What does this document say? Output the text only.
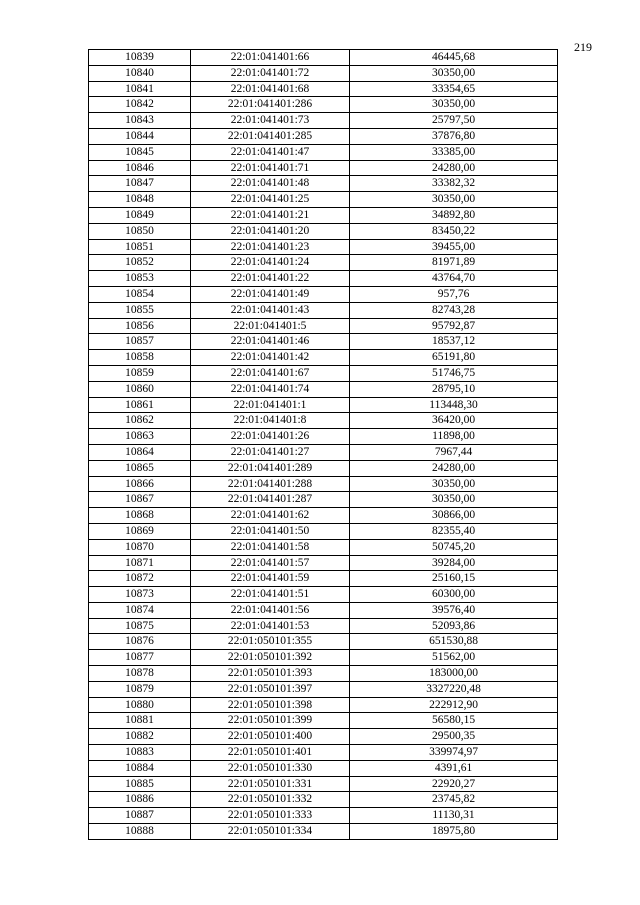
219
10839	22:01:041401:66	46445,68
10840	22:01:041401:72	30350,00
10841	22:01:041401:68	33354,65
10842	22:01:041401:286	30350,00
10843	22:01:041401:73	25797,50
10844	22:01:041401:285	37876,80
10845	22:01:041401:47	33385,00
10846	22:01:041401:71	24280,00
10847	22:01:041401:48	33382,32
10848	22:01:041401:25	30350,00
10849	22:01:041401:21	34892,80
10850	22:01:041401:20	83450,22
10851	22:01:041401:23	39455,00
10852	22:01:041401:24	81971,89
10853	22:01:041401:22	43764,70
10854	22:01:041401:49	957,76
10855	22:01:041401:43	82743,28
10856	22:01:041401:5	95792,87
10857	22:01:041401:46	18537,12
10858	22:01:041401:42	65191,80
10859	22:01:041401:67	51746,75
10860	22:01:041401:74	28795,10
10861	22:01:041401:1	113448,30
10862	22:01:041401:8	36420,00
10863	22:01:041401:26	11898,00
10864	22:01:041401:27	7967,44
10865	22:01:041401:289	24280,00
10866	22:01:041401:288	30350,00
10867	22:01:041401:287	30350,00
10868	22:01:041401:62	30866,00
10869	22:01:041401:50	82355,40
10870	22:01:041401:58	50745,20
10871	22:01:041401:57	39284,00
10872	22:01:041401:59	25160,15
10873	22:01:041401:51	60300,00
10874	22:01:041401:56	39576,40
10875	22:01:041401:53	52093,86
10876	22:01:050101:355	651530,88
10877	22:01:050101:392	51562,00
10878	22:01:050101:393	183000,00
10879	22:01:050101:397	3327220,48
10880	22:01:050101:398	222912,90
10881	22:01:050101:399	56580,15
10882	22:01:050101:400	29500,35
10883	22:01:050101:401	339974,97
10884	22:01:050101:330	4391,61
10885	22:01:050101:331	22920,27
10886	22:01:050101:332	23745,82
10887	22:01:050101:333	11130,31
10888	22:01:050101:334	18975,80
